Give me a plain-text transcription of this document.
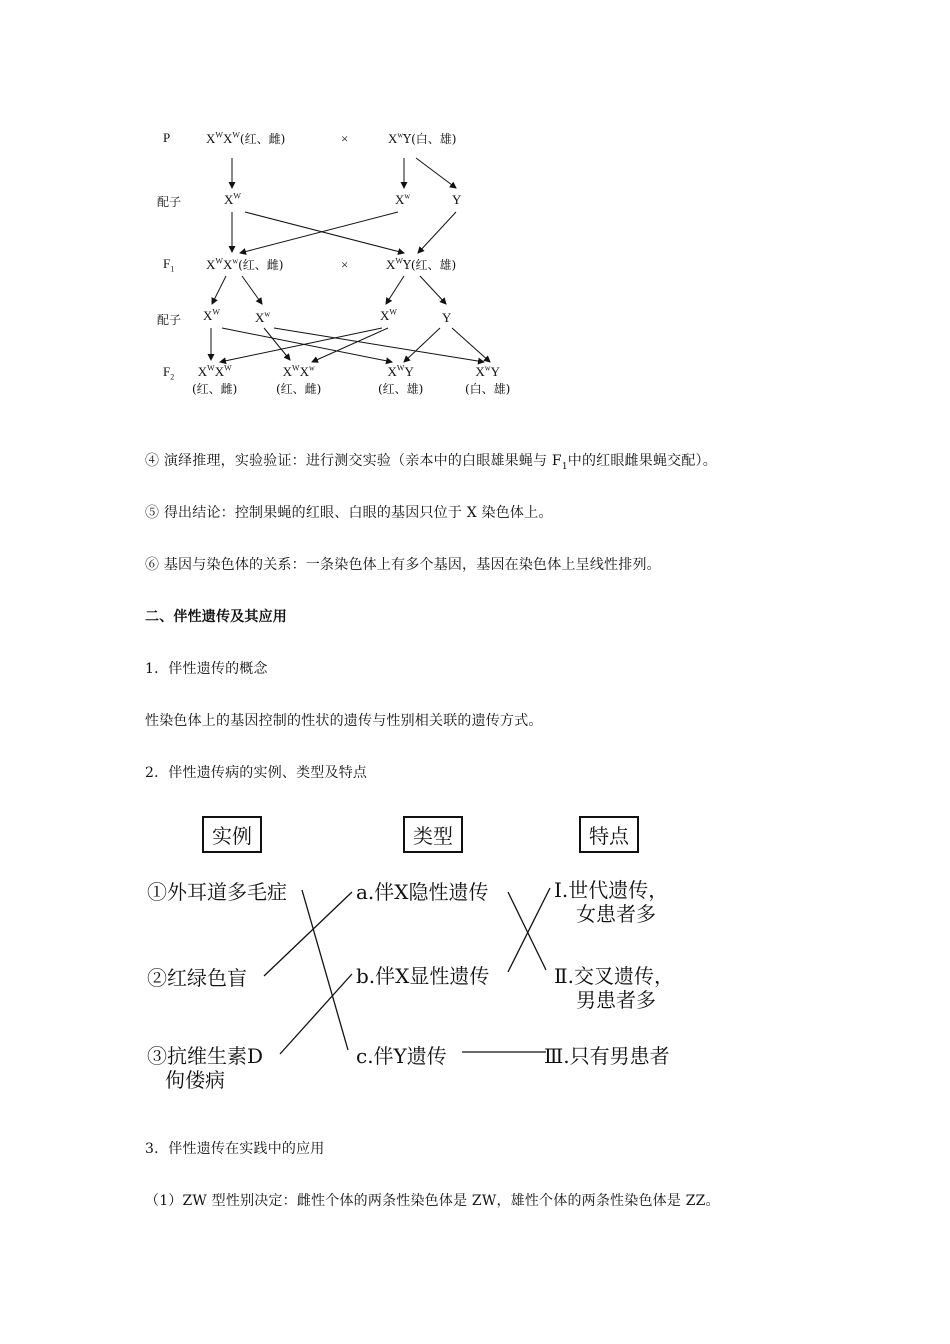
P
配子
$F_1$
配子
$F_2$
$X^WX^W$(红、雌)	×	$X^wY$(白、雄)
$X^W$	$X^w$	Y
$X^WX^w$(红、雌)	×	$X^WY$(红、雄)
$X^W$	$X^w$	$X^W$	Y
$X^WX^W$
(红、雌)
$X^WX^w$
(红、雌)
$X^WY$
(红、雄)
$X^wY$
(白、雄)
④ 演绎推理，实验验证：进行测交实验（亲本中的白眼雄果蝇与 $F_1$中的红眼雌果蝇交配）。
⑤ 得出结论：控制果蝇的红眼、白眼的基因只位于 X 染色体上。
⑥ 基因与染色体的关系：一条染色体上有多个基因，基因在染色体上呈线性排列。
二、伴性遗传及其应用
1．伴性遗传的概念
性染色体上的基因控制的性状的遗传与性别相关联的遗传方式。
2．伴性遗传病的实例、类型及特点
实例	类型	特点
①外耳道多毛症
②红绿色盲
③抗维生素D
佝偻病
a.伴X隐性遗传
b.伴X显性遗传
c.伴Y遗传
Ⅰ.世代遗传，
女患者多
Ⅱ.交叉遗传，
男患者多
Ⅲ.只有男患者
3．伴性遗传在实践中的应用
（1）ZW 型性别决定：雌性个体的两条性染色体是 ZW，雄性个体的两条性染色体是 ZZ。
